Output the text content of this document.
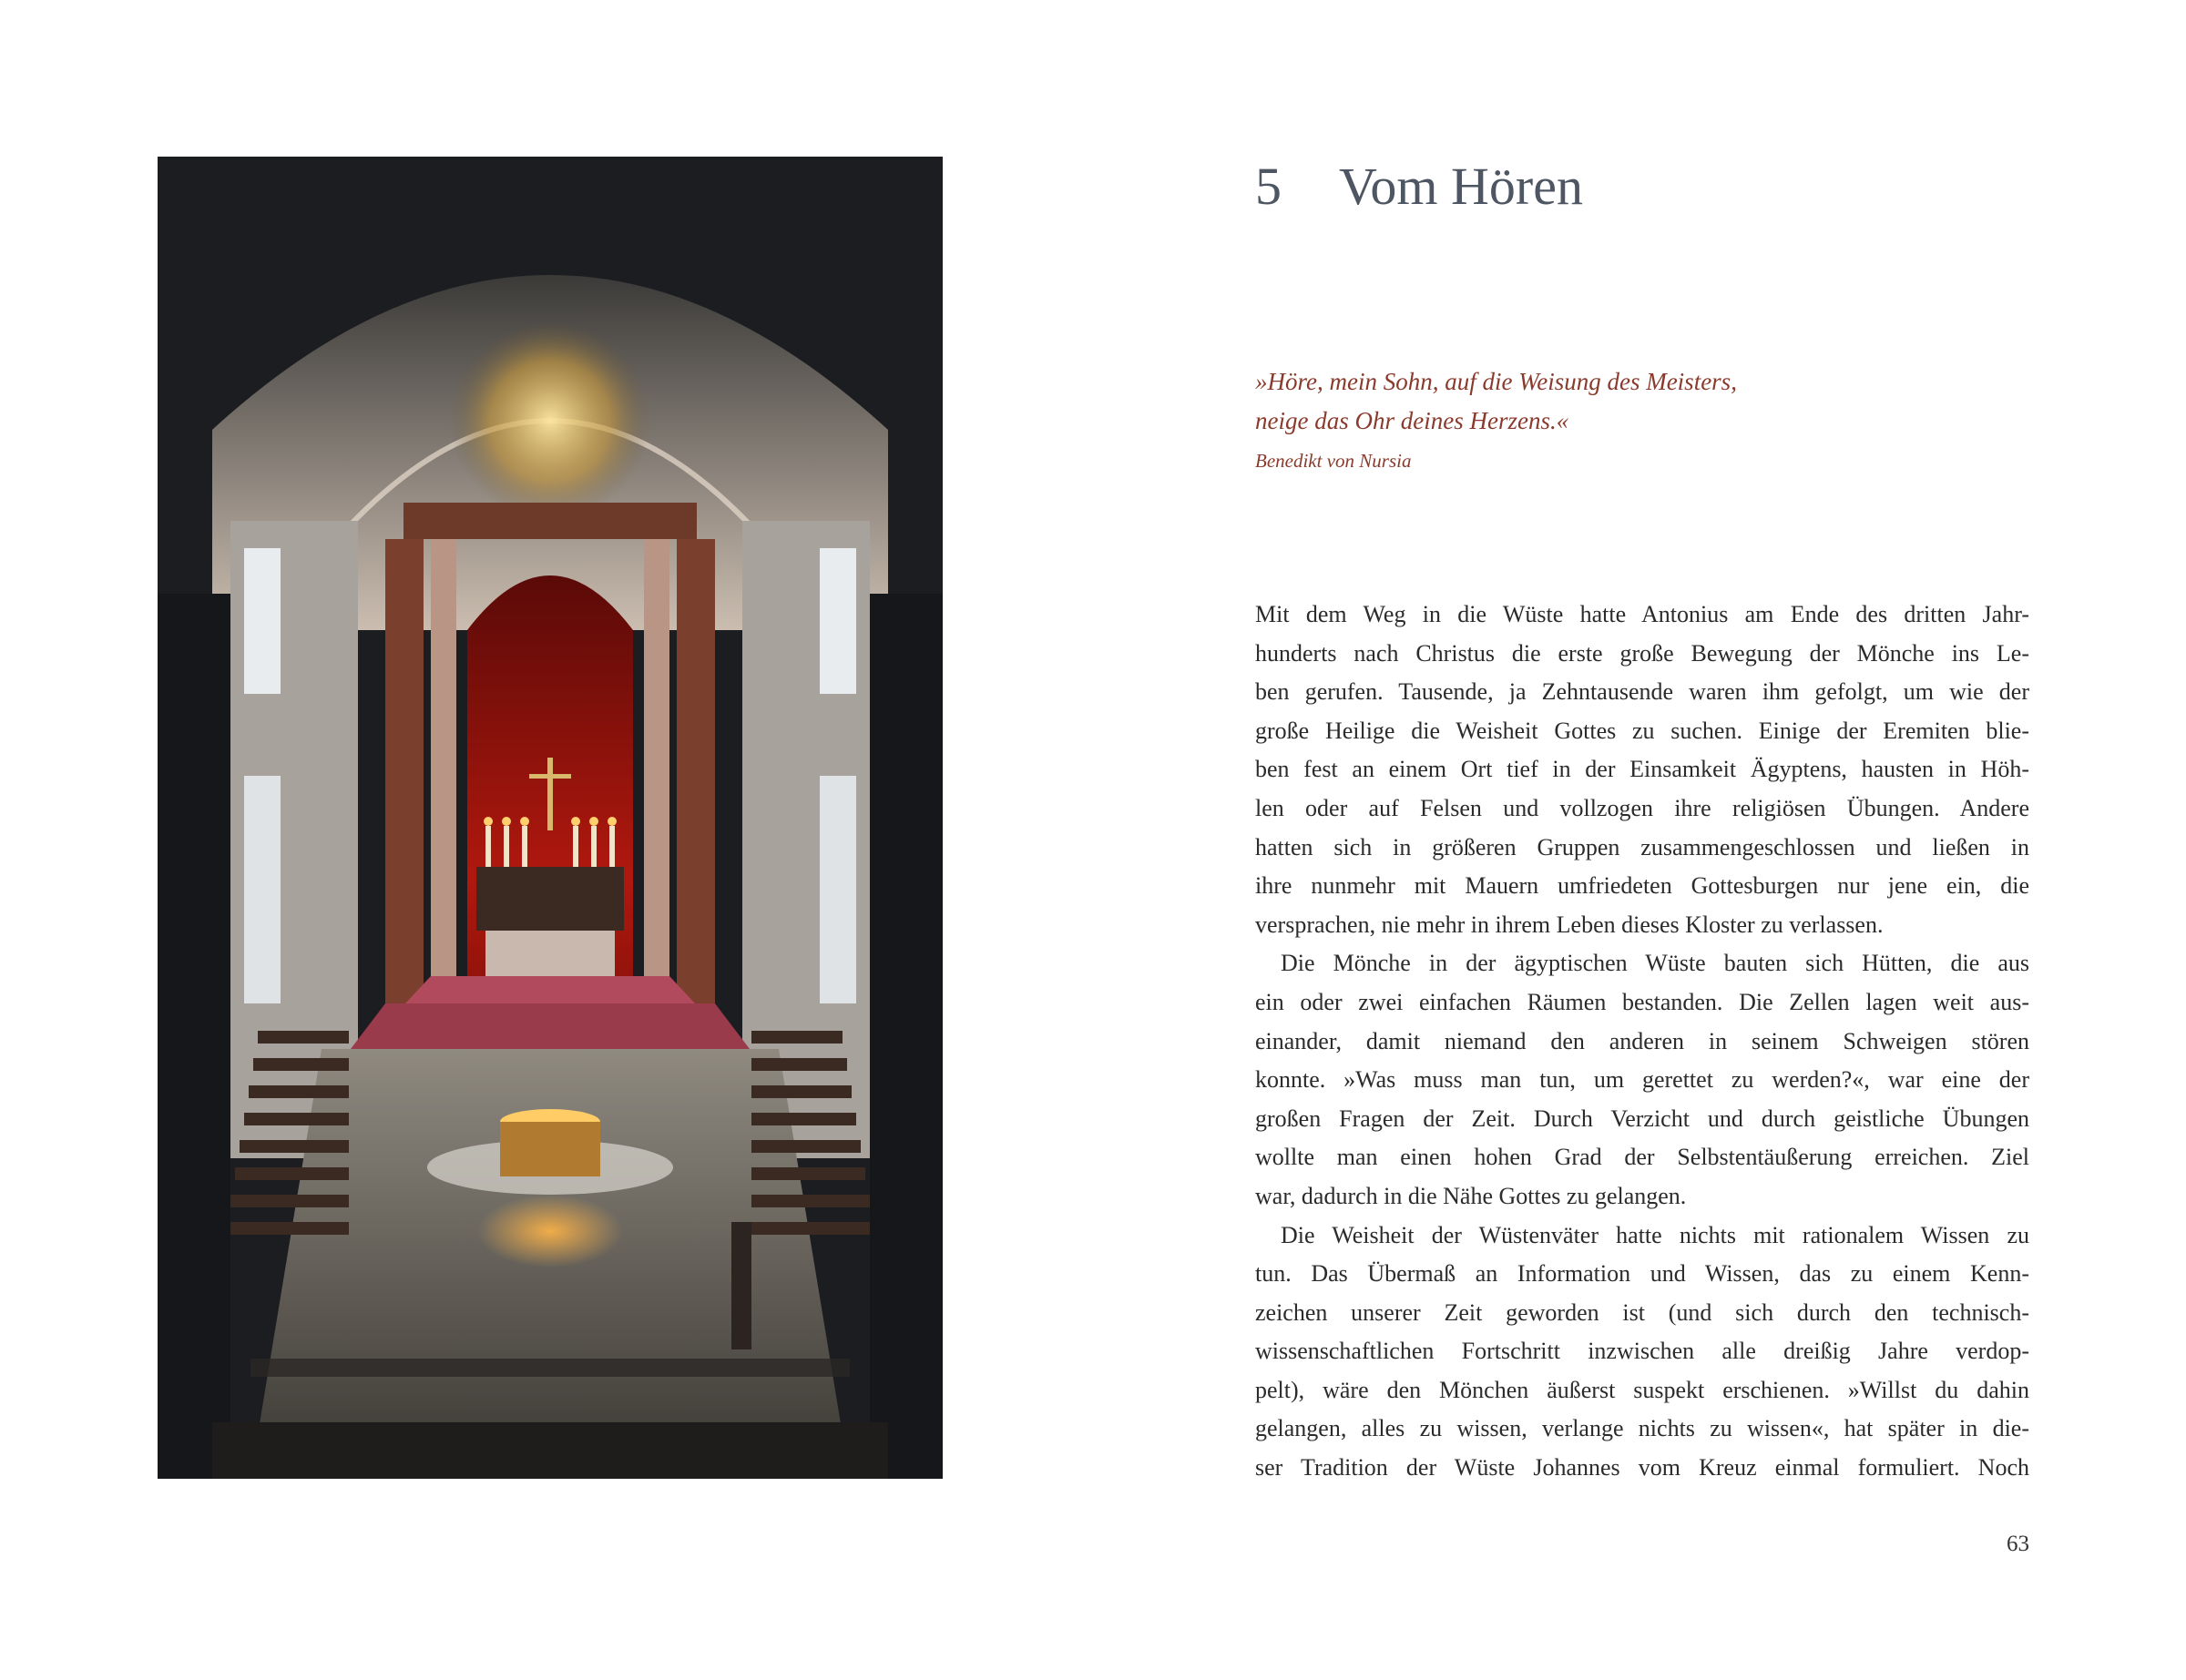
5 Vom Hören
»Höre, mein Sohn, auf die Weisung des Meisters,
neige das Ohr deines Herzens.«
Benedikt von Nursia

Mit dem Weg in die Wüste hatte Antonius am Ende des dritten Jahr-
hunderts nach Christus die erste große Bewegung der Mönche ins Le-
ben gerufen. Tausende, ja Zehntausende waren ihm gefolgt, um wie der
große Heilige die Weisheit Gottes zu suchen. Einige der Eremiten blie-
ben fest an einem Ort tief in der Einsamkeit Ägyptens, hausten in Höh-
len oder auf Felsen und vollzogen ihre religiösen Übungen. Andere
hatten sich in größeren Gruppen zusammengeschlossen und ließen in
ihre nunmehr mit Mauern umfriedeten Gottesburgen nur jene ein, die
versprachen, nie mehr in ihrem Leben dieses Kloster zu verlassen.

Die Mönche in der ägyptischen Wüste bauten sich Hütten, die aus
ein oder zwei einfachen Räumen bestanden. Die Zellen lagen weit aus-
einander, damit niemand den anderen in seinem Schweigen stören
konnte. »Was muss man tun, um gerettet zu werden?«, war eine der
großen Fragen der Zeit. Durch Verzicht und durch geistliche Übungen
wollte man einen hohen Grad der Selbstentäußerung erreichen. Ziel
war, dadurch in die Nähe Gottes zu gelangen.

Die Weisheit der Wüstenväter hatte nichts mit rationalem Wissen zu
tun. Das Übermaß an Information und Wissen, das zu einem Kenn-
zeichen unserer Zeit geworden ist (und sich durch den technisch-
wissenschaftlichen Fortschritt inzwischen alle dreißig Jahre verdop-
pelt), wäre den Mönchen äußerst suspekt erschienen. »Willst du dahin
gelangen, alles zu wissen, verlange nichts zu wissen«, hat später in die-
ser Tradition der Wüste Johannes vom Kreuz einmal formuliert. Noch

63
